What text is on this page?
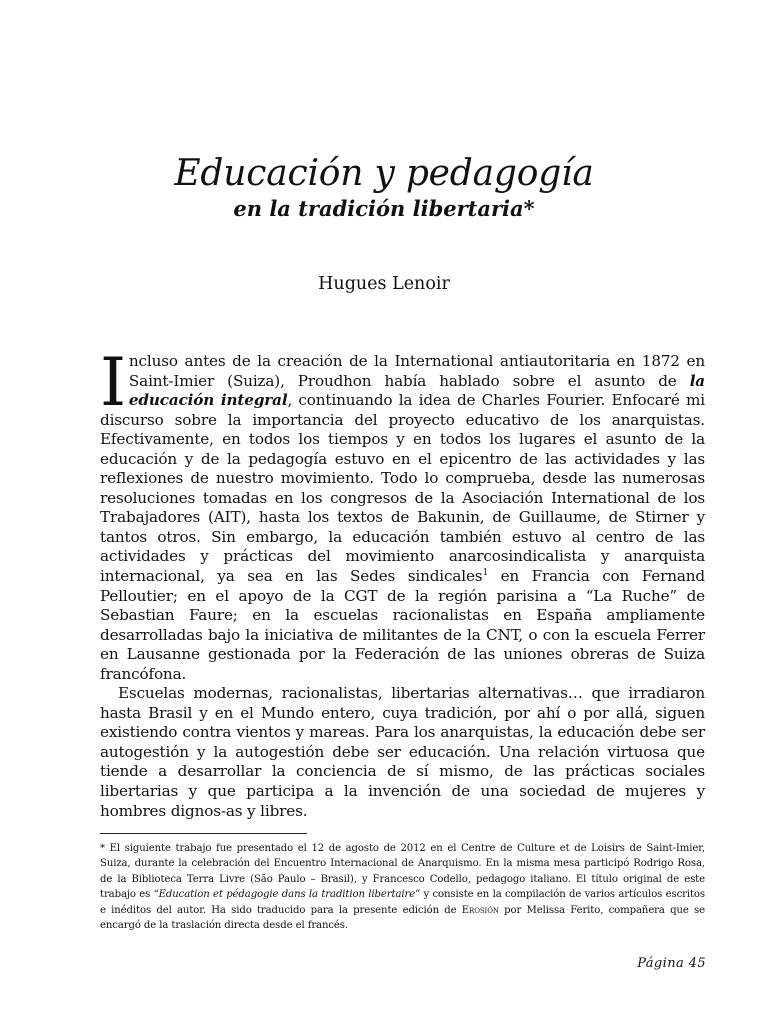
Educación y pedagogía
en la tradición libertaria*
Hugues Lenoir

Incluso antes de la creación de la International antiautoritaria en 1872 en Saint-Imier (Suiza), Proudhon había hablado sobre el asunto de la educación integral, continuando la idea de Charles Fourier. Enfocaré mi discurso sobre la importancia del proyecto educativo de los anarquistas. Efectivamente, en todos los tiempos y en todos los lugares el asunto de la educación y de la pedagogía estuvo en el epicentro de las actividades y las reflexiones de nuestro movimiento. Todo lo comprueba, desde las numerosas resoluciones tomadas en los congresos de la Asociación International de los Trabajadores (AIT), hasta los textos de Bakunin, de Guillaume, de Stirner y tantos otros. Sin embargo, la educación también estuvo al centro de las actividades y prácticas del movimiento anarcosindicalista y anarquista internacional, ya sea en las Sedes sindicales$^1$ en Francia con Fernand Pelloutier; en el apoyo de la CGT de la región parisina a “La Ruche” de Sebastian Faure; en la escuelas racionalistas en España ampliamente desarrolladas bajo la iniciativa de militantes de la CNT, o con la escuela Ferrer en Lausanne gestionada por la Federación de las uniones obreras de Suiza francófona.

Escuelas modernas, racionalistas, libertarias alternativas… que irradiaron hasta Brasil y en el Mundo entero, cuya tradición, por ahí o por allá, siguen existiendo contra vientos y mareas. Para los anarquistas, la educación debe ser autogestión y la autogestión debe ser educación. Una relación virtuosa que tiende a desarrollar la conciencia de sí mismo, de las prácticas sociales libertarias y que participa a la invención de una sociedad de mujeres y hombres dignos-as y libres.

* El siguiente trabajo fue presentado el 12 de agosto de 2012 en el Centre de Culture et de Loisirs de Saint-Imier, Suiza, durante la celebración del Encuentro Internacional de Anarquismo. En la misma mesa participó Rodrigo Rosa, de la Biblioteca Terra Livre (São Paulo – Brasil), y Francesco Codello, pedagogo italiano. El título original de este trabajo es “Education et pédagogie dans la tradition libertaire” y consiste en la compilación de varios artículos escritos e inéditos del autor. Ha sido traducido para la presente edición de Erosión por Melissa Ferito, compañera que se encargó de la traslación directa desde el francés.
Página 45
